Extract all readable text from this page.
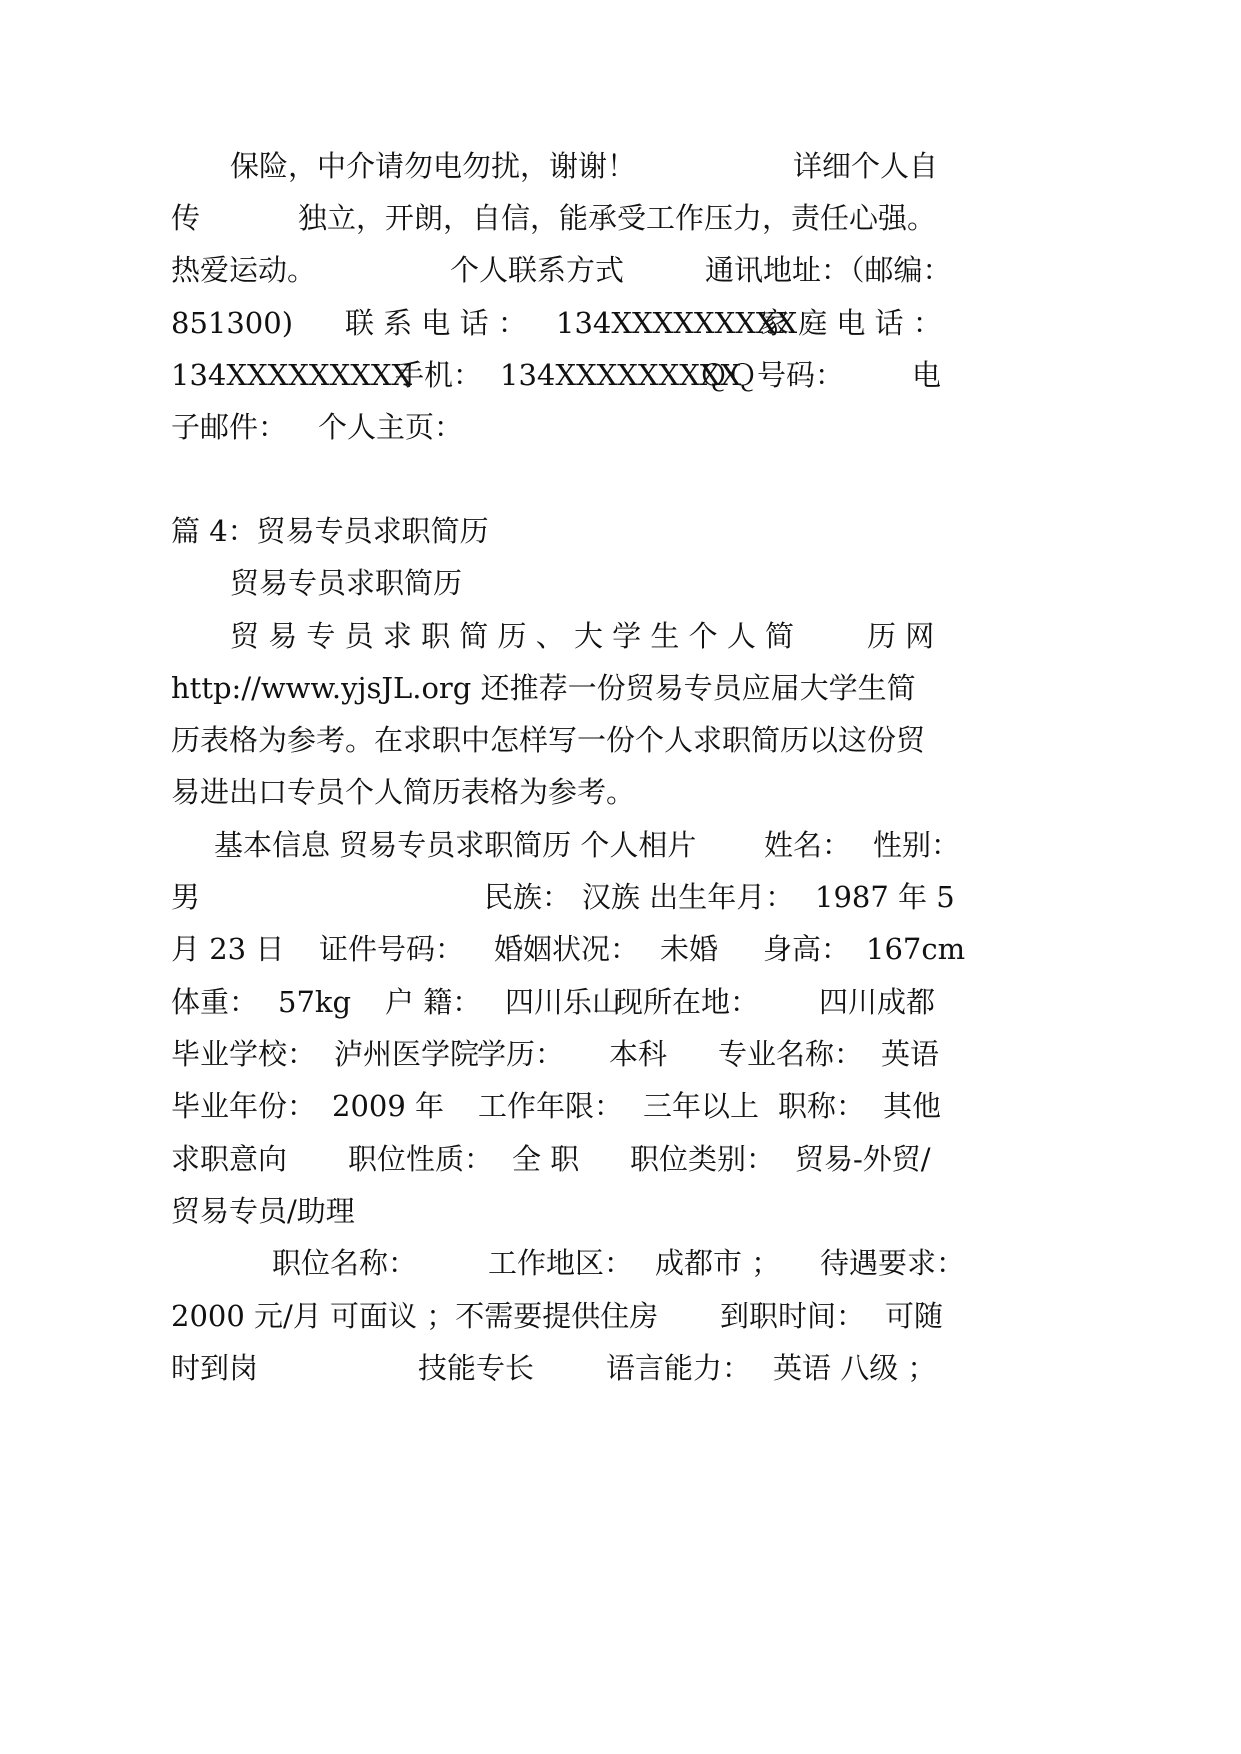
保险，中介请勿电勿扰，谢谢！	详细个人自
传	独立，开朗，自信，能承受工作压力，责任心强。
热爱运动。	个人联系方式	通讯地址：（邮编：
851300) 联 系 电 话 ： 134XXXXXXXXX
家 庭 电 话 ：
134XXXXXXXXX
手机： 134XXXXXXXXX
ＱＱ号码： 电
子邮件： 个人主页：
篇 4：贸易专员求职简历
贸易专员求职简历
贸 易 专 员 求 职 简 历 、 大 学 生 个 人 简	历 网
http://www.yjsJL.org 还推荐一份贸易专员应届大学生简
历表格为参考。在求职中怎样写一份个人求职简历以这份贸
易进出口专员个人简历表格为参考。
基本信息 贸易专员求职简历 个人相片 姓名： 性别：
男	民族： 汉族 出生年月： 1987 年 5
月 23 日 证件号码： 婚姻状况： 未婚 身高： 167cm
体重： 57kg 户 籍： 四川乐山
现所在地： 四川成都
毕业学校： 泸州医学院
学历： 本科 专业名称： 英语
毕业年份： 2009 年 工作年限： 三年以上 职称： 其他
求职意向 职位性质： 全 职 职位类别： 贸易-外贸/
贸易专员/助理
职位名称： 工作地区： 成都市 ； 待遇要求：
2000 元/月 可面议 ；不需要提供住房 到职时间： 可随
时到岗	技能专长 语言能力： 英语 八级 ；
